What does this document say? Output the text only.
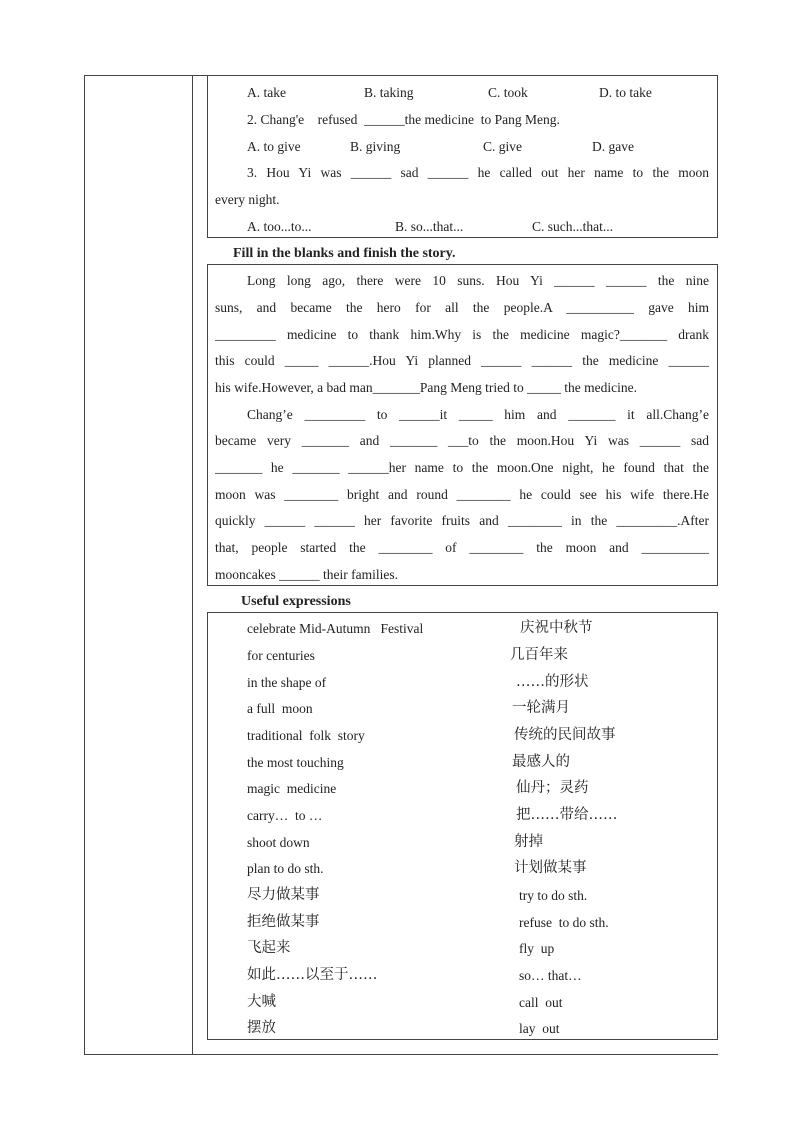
A. take	B. taking	C. took	D. to take
2. Chang'e    refused  ______the medicine  to Pang Meng.
A. to give	B. giving	C. give	D. gave
3. Hou Yi was ______ sad ______ he called out her name to the moon
every night.
A. too...to...	B. so...that...	C. such...that...
Fill in the blanks and finish the story.
Long long ago, there were 10 suns. Hou Yi ______ ______ the nine
suns, and became the hero for all the people.A __________ gave him
_________ medicine to thank him.Why is the medicine magic?_______ drank
this could _____ ______.Hou Yi planned ______ ______ the medicine ______
his wife.However, a bad man_______Pang Meng tried to _____ the medicine.
Chang’e _________ to ______it _____ him and _______ it all.Chang’e
became very _______ and _______ ___to the moon.Hou Yi was ______ sad
_______ he _______ ______her name to the moon.One night, he found that the
moon was ________ bright and round ________ he could see his wife there.He
quickly ______ ______ her favorite fruits and ________ in the _________.After
that, people started the ________ of ________ the moon and __________
mooncakes ______ their families.
Useful expressions
celebrate Mid-Autumn   Festival	庆祝中秋节
for centuries	几百年来
in the shape of	……的形状
a full  moon	一轮满月
traditional  folk  story	传统的民间故事
the most touching	最感人的
magic  medicine	仙丹；灵药
carry…  to …	把……带给……
shoot down	射掉
plan to do sth.	计划做某事
尽力做某事	try to do sth.
拒绝做某事	refuse  to do sth.
飞起来	fly  up
如此……以至于……	so… that…
大喊	call  out
摆放	lay  out
